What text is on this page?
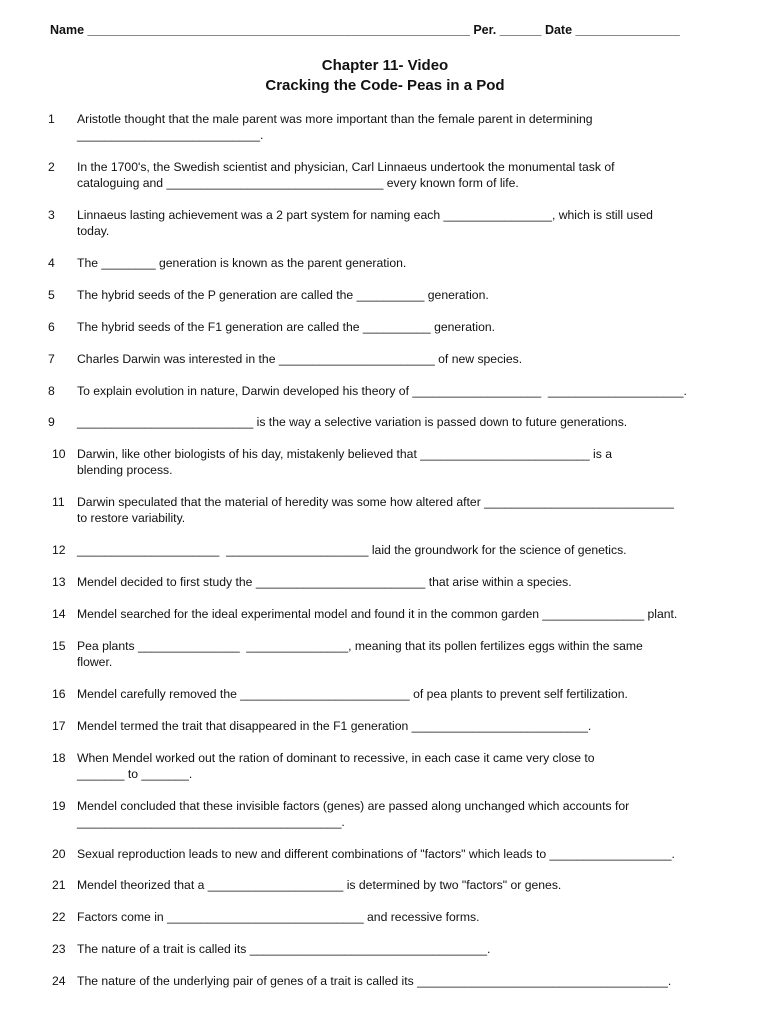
Name _______________________________________________________ Per. ______ Date _______________
Chapter 11- Video
Cracking the Code- Peas in a Pod
1	Aristotle thought that the male parent was more important than the female parent in determining
___________________________.
2	In the 1700's, the Swedish scientist and physician, Carl Linnaeus undertook the monumental task of
cataloguing and ________________________________ every known form of life.
3	Linnaeus lasting achievement was a 2 part system for naming each ________________, which is still used
today.
4	The ________ generation is known as the parent generation.
5	The hybrid seeds of the P generation are called the __________ generation.
6	The hybrid seeds of the F1 generation are called the __________ generation.
7	Charles Darwin was interested in the _______________________ of new species.
8	To explain evolution in nature, Darwin developed his theory of ___________________  ____________________.
9	__________________________ is the way a selective variation is passed down to future generations.
10 Darwin, like other biologists of his day, mistakenly believed that _________________________ is a
blending process.
11	Darwin speculated that the material of heredity was some how altered after ____________________________
to restore variability.
12 _____________________  _____________________ laid the groundwork for the science of genetics.
13 Mendel decided to first study the _________________________ that arise within a species.
14 Mendel searched for the ideal experimental model and found it in the common garden _______________ plant.
15 Pea plants _______________  _______________, meaning that its pollen fertilizes eggs within the same
flower.
16 Mendel carefully removed the _________________________ of pea plants to prevent self fertilization.
17 Mendel termed the trait that disappeared in the F1 generation __________________________.
18 When Mendel worked out the ration of dominant to recessive, in each case it came very close to
_______ to _______.
19 Mendel concluded that these invisible factors (genes) are passed along unchanged which accounts for
_______________________________________.
20 Sexual reproduction leads to new and different combinations of "factors" which leads to __________________.
21 Mendel theorized that a ____________________ is determined by two "factors" or genes.
22 Factors come in _____________________________ and recessive forms.
23 The nature of a trait is called its ___________________________________.
24 The nature of the underlying pair of genes of a trait is called its _____________________________________.
